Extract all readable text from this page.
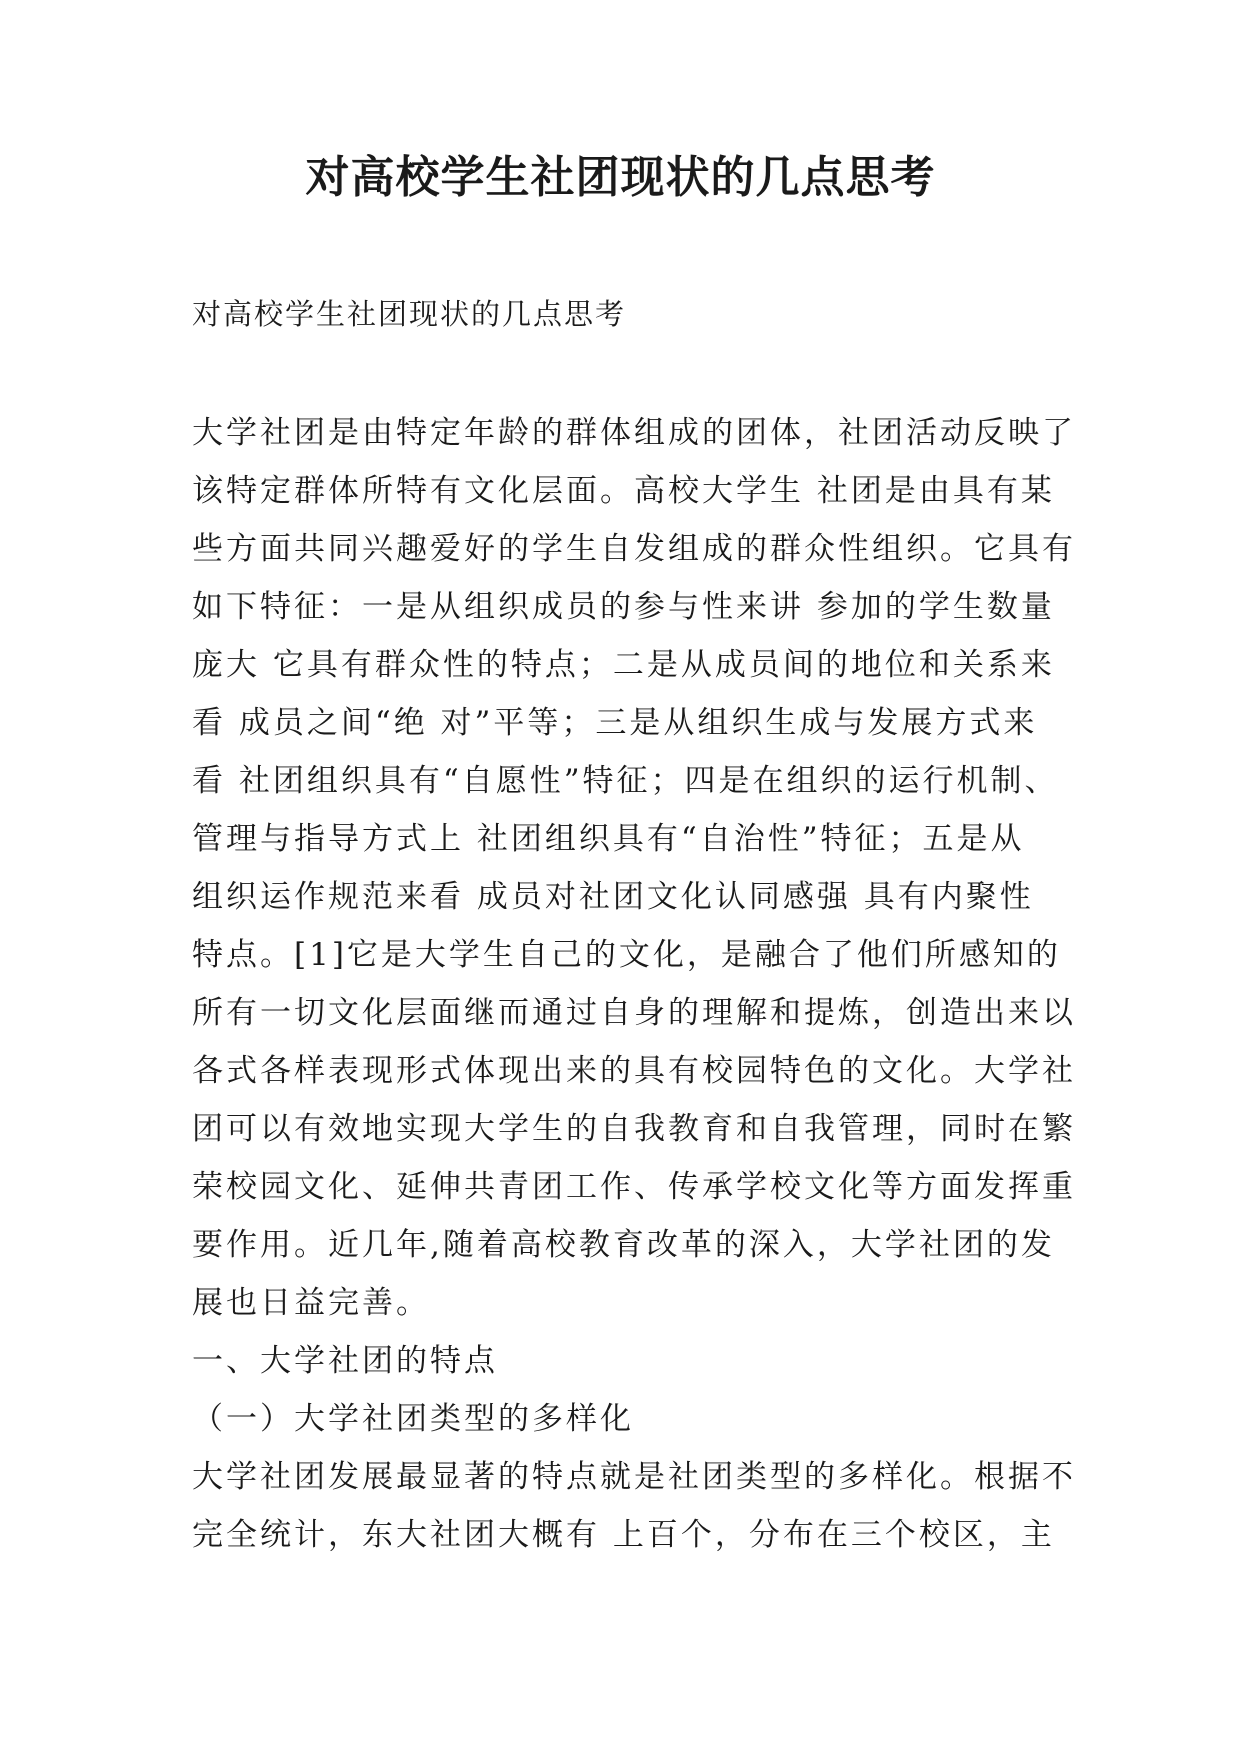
对高校学生社团现状的几点思考

对高校学生社团现状的几点思考

大学社团是由特定年龄的群体组成的团体，社团活动反映了
该特定群体所特有文化层面。高校大学生 社团是由具有某
些方面共同兴趣爱好的学生自发组成的群众性组织。它具有
如下特征：一是从组织成员的参与性来讲 参加的学生数量
庞大 它具有群众性的特点；二是从成员间的地位和关系来
看 成员之间“绝 对”平等；三是从组织生成与发展方式来
看 社团组织具有“自愿性”特征；四是在组织的运行机制、
管理与指导方式上 社团组织具有“自治性”特征；五是从
组织运作规范来看 成员对社团文化认同感强 具有内聚性
特点。[1]它是大学生自己的文化，是融合了他们所感知的
所有一切文化层面继而通过自身的理解和提炼，创造出来以
各式各样表现形式体现出来的具有校园特色的文化。大学社
团可以有效地实现大学生的自我教育和自我管理，同时在繁
荣校园文化、延伸共青团工作、传承学校文化等方面发挥重
要作用。近几年,随着高校教育改革的深入，大学社团的发
展也日益完善。
一、大学社团的特点
（一）大学社团类型的多样化
大学社团发展最显著的特点就是社团类型的多样化。根据不
完全统计，东大社团大概有 上百个，分布在三个校区，主
